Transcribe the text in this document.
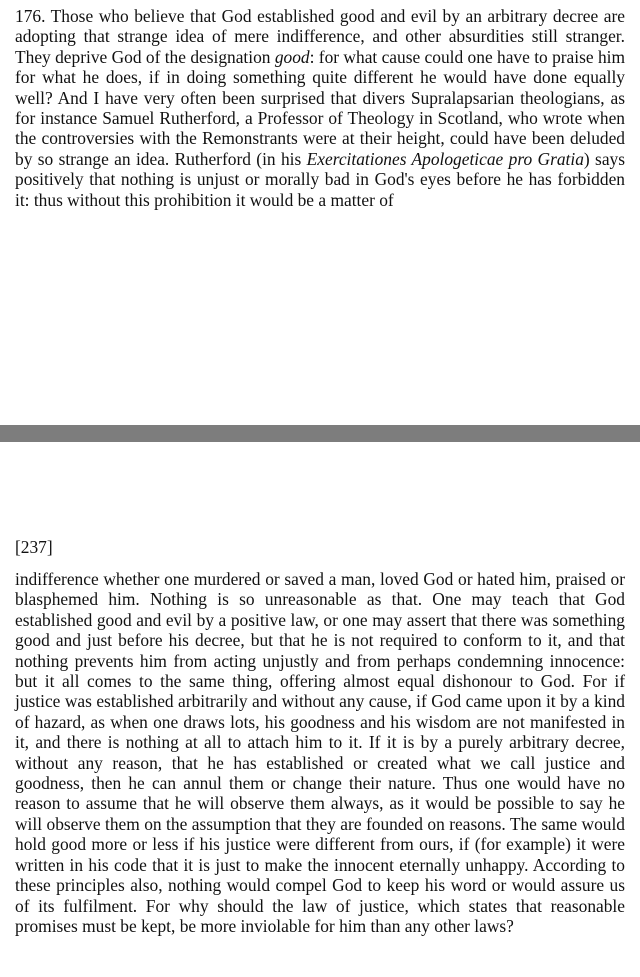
176. Those who believe that God established good and evil by an arbitrary decree are adopting that strange idea of mere indifference, and other absurdities still stranger. They deprive God of the designation good: for what cause could one have to praise him for what he does, if in doing something quite different he would have done equally well? And I have very often been surprised that divers Supralapsarian theologians, as for instance Samuel Rutherford, a Professor of Theology in Scotland, who wrote when the controversies with the Remonstrants were at their height, could have been deluded by so strange an idea. Rutherford (in his Exercitationes Apologeticae pro Gratia) says positively that nothing is unjust or morally bad in God's eyes before he has forbidden it: thus without this prohibition it would be a matter of

[237]

indifference whether one murdered or saved a man, loved God or hated him, praised or blasphemed him. Nothing is so unreasonable as that. One may teach that God established good and evil by a positive law, or one may assert that there was something good and just before his decree, but that he is not required to conform to it, and that nothing prevents him from acting unjustly and from perhaps condemning innocence: but it all comes to the same thing, offering almost equal dishonour to God. For if justice was established arbitrarily and without any cause, if God came upon it by a kind of hazard, as when one draws lots, his goodness and his wisdom are not manifested in it, and there is nothing at all to attach him to it. If it is by a purely arbitrary decree, without any reason, that he has established or created what we call justice and goodness, then he can annul them or change their nature. Thus one would have no reason to assume that he will observe them always, as it would be possible to say he will observe them on the assumption that they are founded on reasons. The same would hold good more or less if his justice were different from ours, if (for example) it were written in his code that it is just to make the innocent eternally unhappy. According to these principles also, nothing would compel God to keep his word or would assure us of its fulfilment. For why should the law of justice, which states that reasonable promises must be kept, be more inviolable for him than any other laws?
